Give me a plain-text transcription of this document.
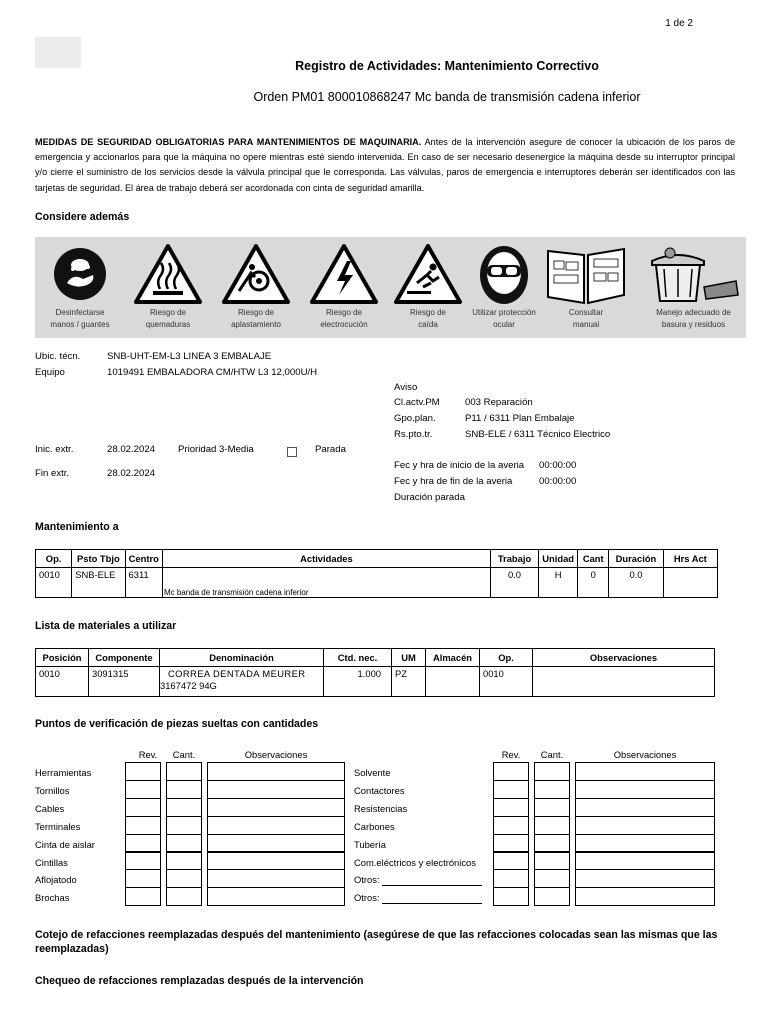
1 de 2
Registro de Actividades: Mantenimiento Correctivo
Orden PM01 800010868247 Mc banda de transmisión cadena inferior
MEDIDAS DE SEGURIDAD OBLIGATORIAS PARA MANTENIMIENTOS DE MAQUINARIA. Antes de la intervención asegure de conocer la ubicación de los paros de emergencia y accionarlos para que la máquina no opere mientras esté siendo intervenida. En caso de ser necesario desenergice la máquina desde su interruptor principal y/o cierre el suministro de los servicios desde la válvula principal que le corresponda. Las válvulas, paros de emergencia e interruptores deberán ser identificados con las tarjetas de seguridad. El área de trabajo deberá ser acordonada con cinta de seguridad amarilla.
Considere además
Desinfectarse
manos / guantes
Riesgo de
quemaduras
Riesgo de
aplastamiento
Riesgo de
electrocución
Riesgo de
caída
Utilizar protección
ocular
Consultar
manual
Manejo adecuado de
basura y residuos
Ubic. técn.	SNB-UHT-EM-L3 LINEA 3 EMBALAJE
Equipo	1019491 EMBALADORA CM/HTW L3 12,000U/H
Aviso
Cl.actv.PM	003 Reparación
Gpo.plan.	P11 / 6311 Plan Embalaje
Rs.pto.tr.	SNB-ELE / 6311 Técnico Electrico
Inic. extr.	28.02.2024 Prioridad 3-Media	Parada
Fec y hra de inicio de la averia 00:00:00
Fin extr.	28.02.2024
Fec y hra de fin de la averia	00:00:00
Duración parada
Mantenimiento a
Op.	Psto Tbjo	Centro	Actividades	Trabajo	Unidad	Cant	Duración	Hrs Act
0010	SNB-ELE	6311	Mc banda de transmisión cadena inferior	0.0	H	0	0.0	
Lista de materiales a utilizar
Posición	Componente	Denominación	Ctd. nec.	UM	Almacén	Op.	Observaciones
0010	3091315	CORREA DENTADA MEURER
3167472 94G	1.000	PZ		0010	
Puntos de verificación de piezas sueltas con cantidades
Rev.	Cant.	Observaciones
Herramientas
Tornillos
Cables
Terminales
Cinta de aislar
Cintillas
Aflojatodo
Brochas
Rev.	Cant.	Observaciones
Solvente
Contactores
Resistencias
Carbones
Tubería
Com.eléctricos y electrónicos
Otros:
Otros:
Cotejo de refacciones reemplazadas después del mantenimiento (asegúrese de que las refacciones colocadas sean las mismas que las reemplazadas)
Chequeo de refacciones remplazadas después de la intervención
